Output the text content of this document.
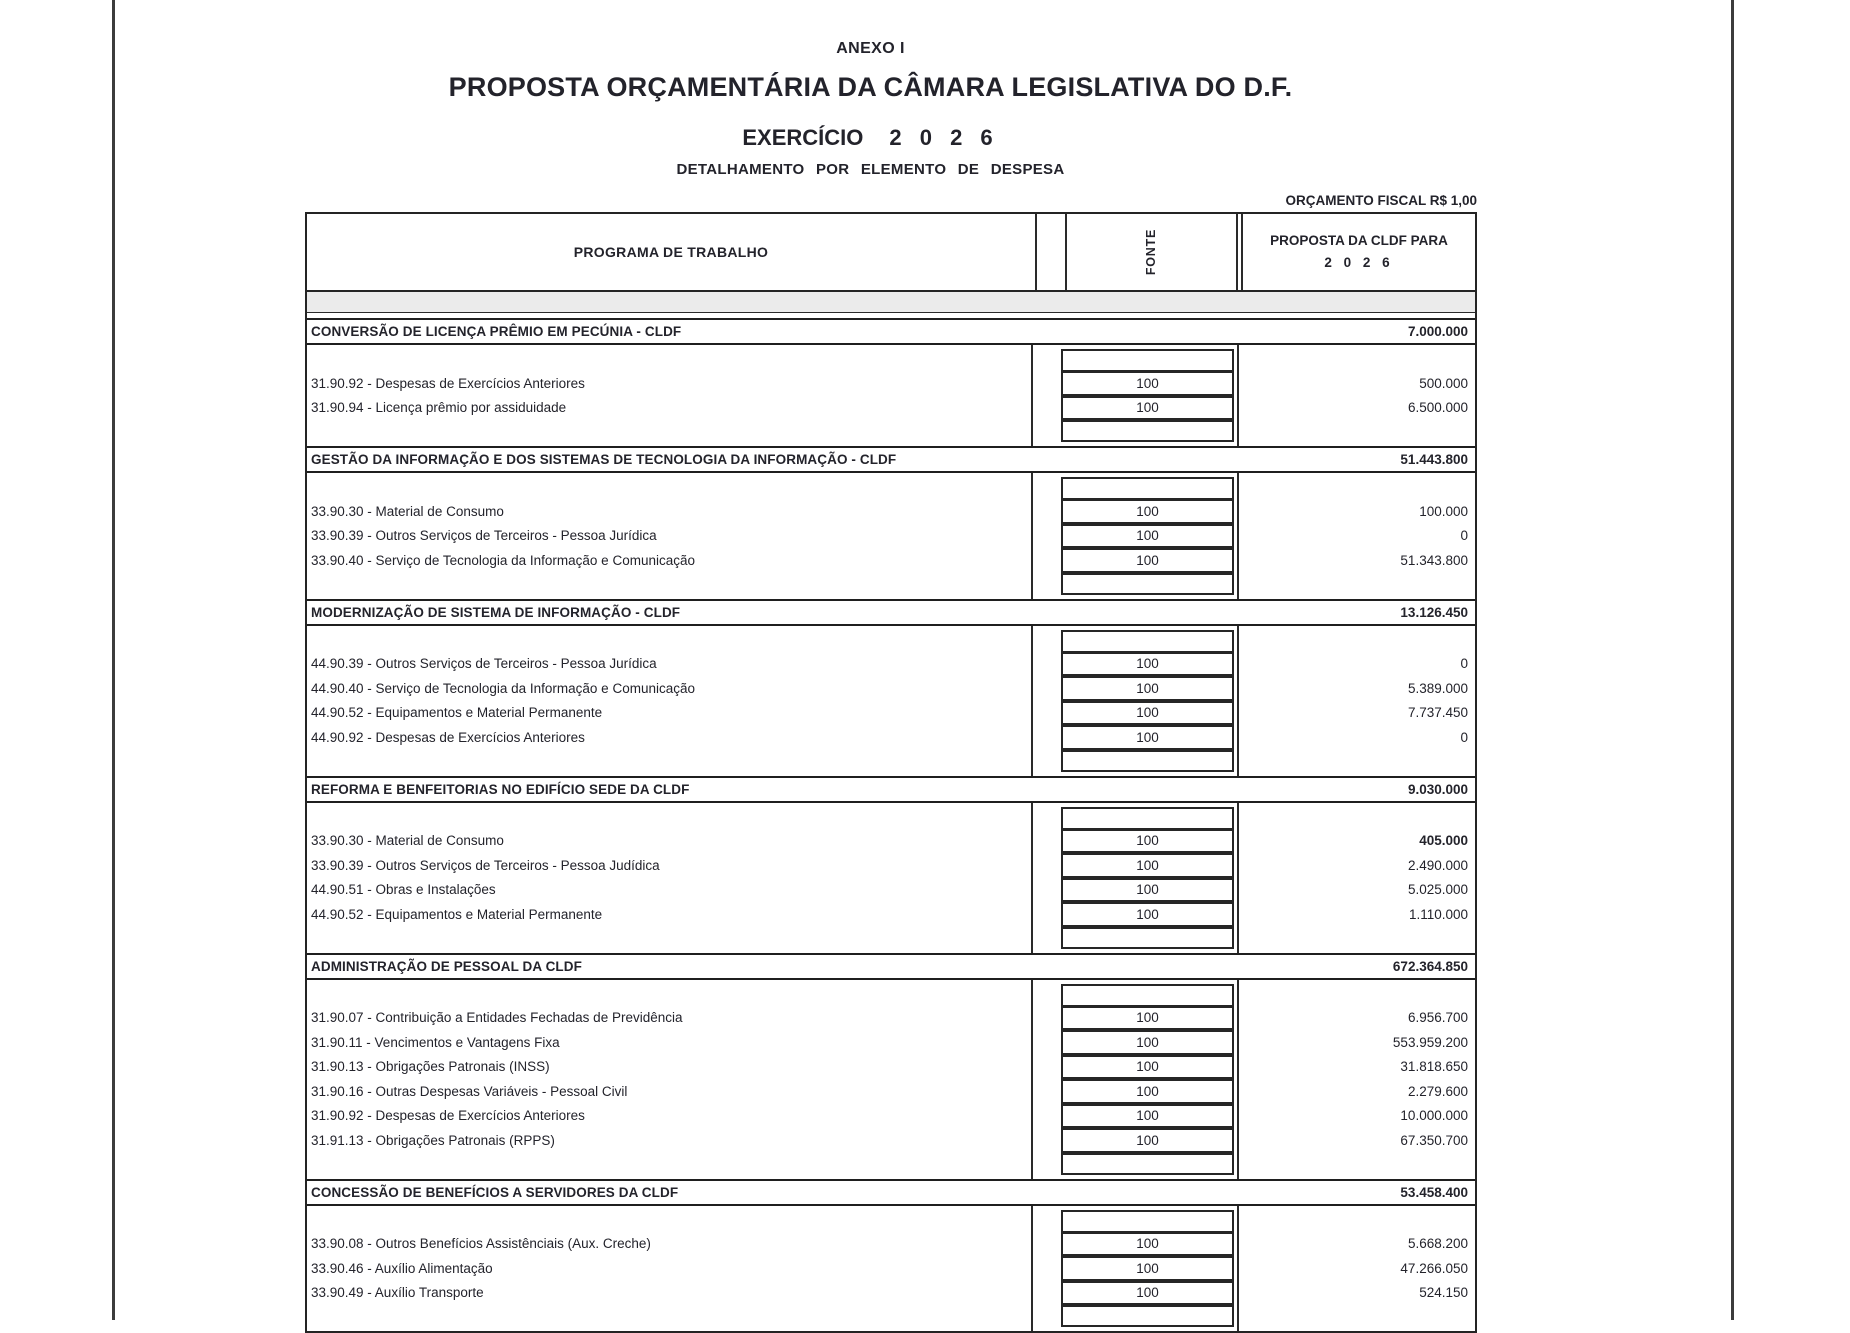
ANEXO I
PROPOSTA ORÇAMENTÁRIA DA CÂMARA LEGISLATIVA DO D.F.
EXERCÍCIO 2 0 2 6
DETALHAMENTO POR ELEMENTO DE DESPESA
ORÇAMENTO FISCAL R$ 1,00
PROGRAMA DE TRABALHO	FONTE	PROPOSTA DA CLDF PARA
2 0 2 6
CONVERSÃO DE LICENÇA PRÊMIO EM PECÚNIA - CLDF	7.000.000
31.90.92 - Despesas de Exercícios Anteriores	100	500.000
31.90.94 - Licença prêmio por assiduidade	100	6.500.000
GESTÃO DA INFORMAÇÃO E DOS SISTEMAS DE TECNOLOGIA DA INFORMAÇÃO - CLDF	51.443.800
33.90.30 - Material de Consumo	100	100.000
33.90.39 - Outros Serviços de Terceiros - Pessoa Jurídica	100	0
33.90.40 - Serviço de Tecnologia da Informação e Comunicação	100	51.343.800
MODERNIZAÇÃO DE SISTEMA DE INFORMAÇÃO - CLDF	13.126.450
44.90.39 - Outros Serviços de Terceiros - Pessoa Jurídica	100	0
44.90.40 - Serviço de Tecnologia da Informação e Comunicação	100	5.389.000
44.90.52 - Equipamentos e Material Permanente	100	7.737.450
44.90.92 - Despesas de Exercícios Anteriores	100	0
REFORMA E BENFEITORIAS NO EDIFÍCIO SEDE DA CLDF	9.030.000
33.90.30 - Material de Consumo	100	405.000
33.90.39 - Outros Serviços de Terceiros - Pessoa Judídica	100	2.490.000
44.90.51 - Obras e Instalações	100	5.025.000
44.90.52 - Equipamentos e Material Permanente	100	1.110.000
ADMINISTRAÇÃO DE PESSOAL DA CLDF	672.364.850
31.90.07 - Contribuição a Entidades Fechadas de Previdência	100	6.956.700
31.90.11 - Vencimentos e Vantagens Fixa	100	553.959.200
31.90.13 - Obrigações Patronais (INSS)	100	31.818.650
31.90.16 - Outras Despesas Variáveis - Pessoal Civil	100	2.279.600
31.90.92 - Despesas de Exercícios Anteriores	100	10.000.000
31.91.13 - Obrigações Patronais (RPPS)	100	67.350.700
CONCESSÃO DE BENEFÍCIOS A SERVIDORES DA CLDF	53.458.400
33.90.08 - Outros Benefícios Assistênciais (Aux. Creche)	100	5.668.200
33.90.46 - Auxílio Alimentação	100	47.266.050
33.90.49 - Auxílio Transporte	100	524.150
